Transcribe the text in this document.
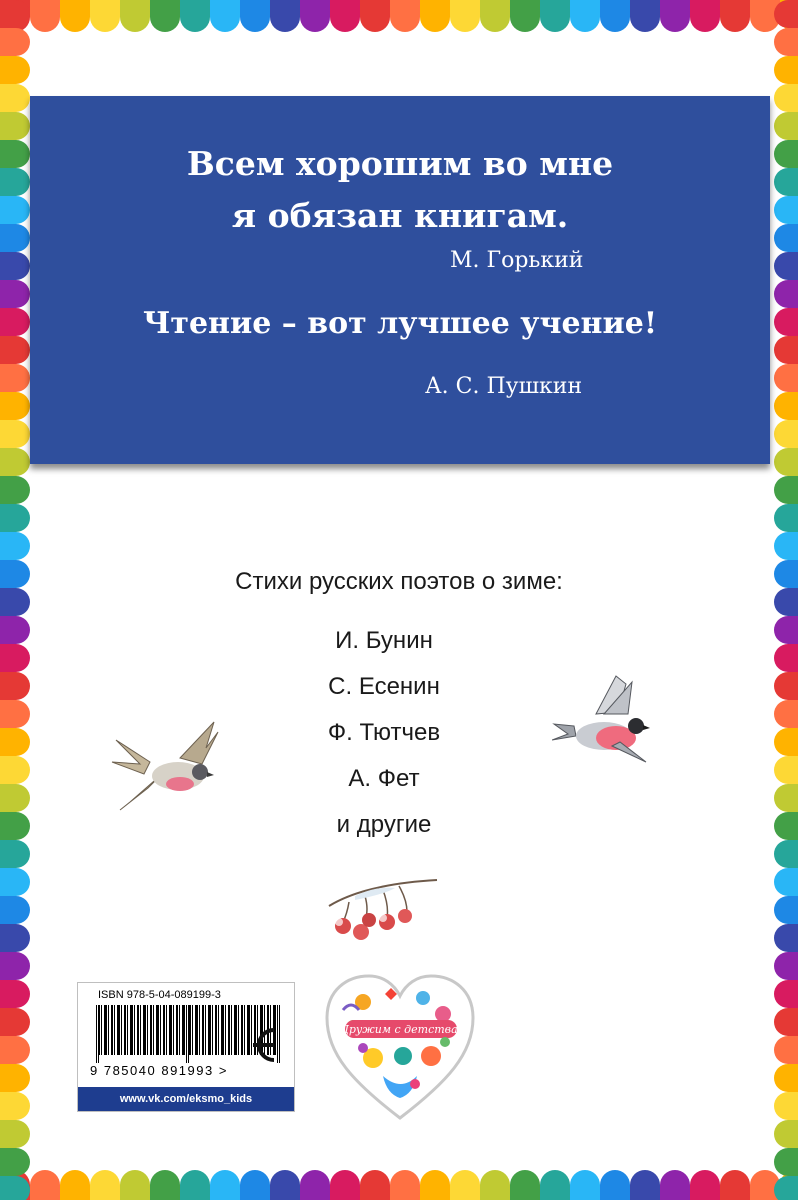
Всем хорошим во мне
я обязан книгам.

М. Горький

Чтение – вот лучшее учение!

А. С. Пушкин

Стихи русских поэтов о зиме:

И. Бунин
С. Есенин
Ф. Тютчев
А. Фет
и другие

ISBN 978-5-04-089199-3

9 785040 891993 >

www.vk.com/eksmo_kids
Дружим с детства!
